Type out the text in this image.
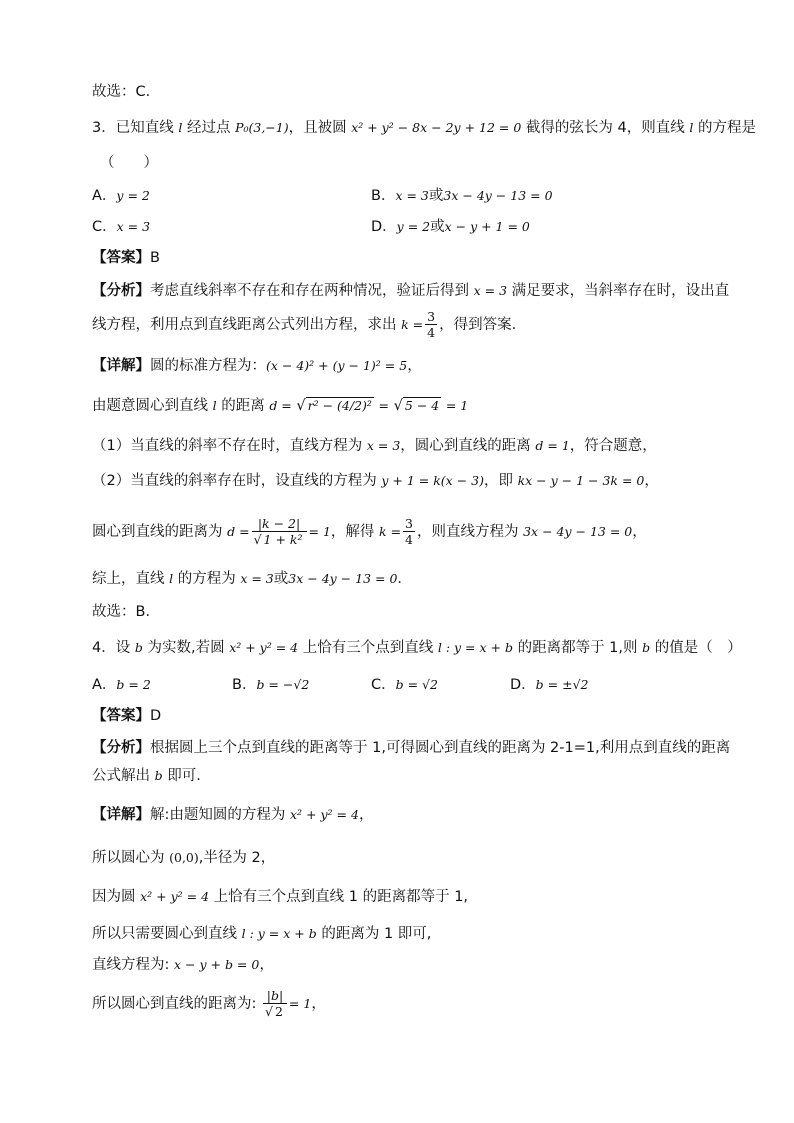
故选：C．
3．已知直线 l 经过点 P₀(3,−1)，且被圆 x² + y² − 8x − 2y + 12 = 0 截得的弦长为 4，则直线 l 的方程是
（　　）
A．y = 2	B．x = 3或3x − 4y − 13 = 0
C．x = 3	D．y = 2或x − y + 1 = 0
【答案】B
【分析】考虑直线斜率不存在和存在两种情况，验证后得到 x = 3 满足要求，当斜率存在时，设出直
线方程，利用点到直线距离公式列出方程，求出 $k = \frac{3}{4}$ ，得到答案.
【详解】圆的标准方程为：(x − 4)² + (y − 1)² = 5，
由题意圆心到直线 l 的距离 d = √ r² − (4/2)² = √ 5 − 4 = 1
（1）当直线的斜率不存在时，直线方程为 x = 3，圆心到直线的距离 d = 1，符合题意，
（2）当直线的斜率存在时，设直线的方程为 y + 1 = k(x − 3)，即 kx − y − 1 − 3k = 0，
圆心到直线的距离为 $d = \frac{|k - 2|}{\text{√ 1 + k²}} = 1$，解得 $k = \frac{3}{4}$ ，则直线方程为 3x − 4y − 13 = 0，
综上，直线 l 的方程为 x = 3或3x − 4y − 13 = 0．
故选：B．
4．设 b 为实数,若圆 x² + y² = 4 上恰有三个点到直线 l : y = x + b 的距离都等于 1,则 b 的值是（　）
A．b = 2	B．b = −√2	C．b = √2	D．b = ±√2
【答案】D
【分析】根据圆上三个点到直线的距离等于 1,可得圆心到直线的距离为 2-1=1,利用点到直线的距离
公式解出 b 即可.
【详解】解:由题知圆的方程为 x² + y² = 4，
所以圆心为 (0,0),半径为 2，
因为圆 x² + y² = 4 上恰有三个点到直线 1 的距离都等于 1,
所以只需要圆心到直线 l : y = x + b 的距离为 1 即可,
直线方程为: x − y + b = 0，
所以圆心到直线的距离为: $\frac{|b|}{√ 2} = 1$，
